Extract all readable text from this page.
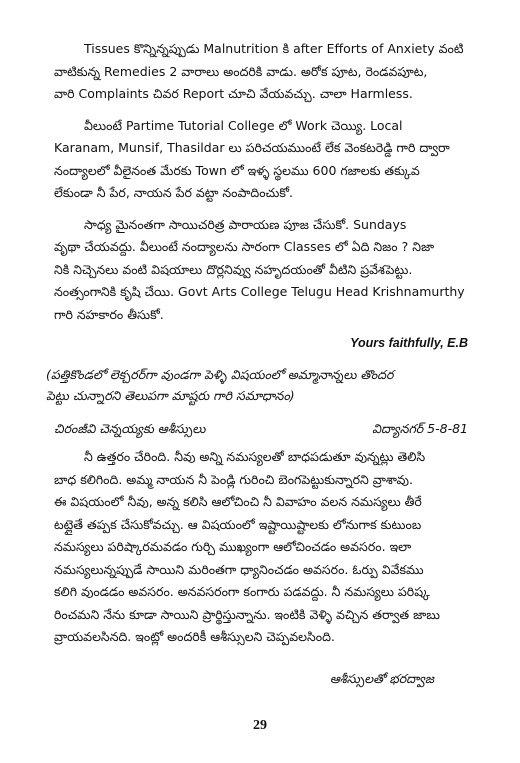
Tissues కొన్నిన్నప్పుడు Malnutrition కి after Efforts of Anxiety వంటి
వాటికున్న Remedies 2 వారాలు అందరికి వాడు. అరోక పూట, రెండవపూట,
వారి Complaints చివర Report చూచి వేయవచ్చు. చాలా Harmless.
వీలుంటే Partime Tutorial College లో Work చెయ్యి. Local
Karanam, Munsif, Thasildar లు పరిచయముంటే లేక వెంకటరెడ్డి గారి ద్వారా
నంద్యాలలో వీలైనంత మేరకు Town లో ఇళ్ళ స్థలము 600 గజాలకు తక్కువ
లేకుండా నీ పేర, నాయన పేర వట్టా నంపాదించుకో.
సాధ్య మైనంతగా సాయిచరిత్ర పారాయణ పూజ చేసుకో. Sundays
వృథా చేయవద్దు. వీలుంటే నంద్యాలను సారంగా Classes లో ఏది నిజం ? నిజా
నికి నిచ్చెనలు వంటి విషయాలు దొర్లనివ్వు నహృదయంతో వీటిని ప్రవేశపెట్టు.
నంత్సంగానికి కృషి చేయి. Govt Arts College Telugu Head Krishnamurthy
గారి నహకారం తీసుకో.
Yours faithfully, E.B
(పత్తికొండలో లెక్చరర్‌గా వుండగా పెళ్ళి విషయంలో అమ్మానాన్నలు తొందర
పెట్టు చున్నారని తెలుపగా మాష్టరు గారి సమాధానం)
చిరంజీవి చెన్నయ్యకు ఆశీస్సులు	విద్యానగర్ 5-8-81
నీ ఉత్తరం చేరింది. నీవు అన్ని నమస్యలతో బాధపడుతూ వున్నట్లు తెలిసి
బాధ కలిగింది. అమ్మ నాయన నీ పెండ్లి గురించి బెంగపెట్టుకున్నారని వ్రాశావు.
ఈ విషయంలో నీవు, అన్న కలిసి ఆలోచించి నీ వివాహం వలన నమస్యలు తీరే
టట్లైతే తప్పక చేసుకోవచ్చు. ఆ విషయంలో ఇష్టాయిష్టాలకు లోనుగాక కుటుంబ
నమస్యలు పరిష్కారమవడం గుర్చి ముఖ్యంగా ఆలోచించడం అవసరం. ఇలా
నమస్యలున్నప్పుడే సాయిని మరింతగా ధ్యానించడం అవసరం. ఓర్పు వివేకము
కలిగి వుండడం అవసరం. అనవసరంగా కంగారు పడవద్దు. నీ నమస్యలు పరిష్క
రించమని నేను కూడా సాయిని ప్రార్థిస్తున్నాను. ఇంటికి వెళ్ళి వచ్చిన తర్వాత జాబు
వ్రాయవలసినది. ఇంట్లో అందరికీ ఆశీస్సులని చెప్పవలసింది.
ఆశీస్సులతో భరద్వాజ
29
